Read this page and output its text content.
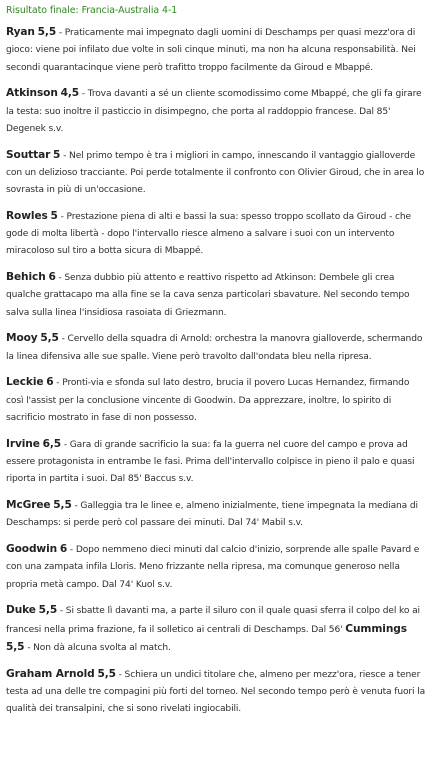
Risultato finale: Francia-Australia 4-1

Ryan 5,5 - Praticamente mai impegnato dagli uomini di Deschamps per quasi mezz'ora di gioco: viene poi infilato due volte in soli cinque minuti, ma non ha alcuna responsabilità. Nei secondi quarantacinque viene però trafitto troppo facilmente da Giroud e Mbappé.

Atkinson 4,5 - Trova davanti a sé un cliente scomodissimo come Mbappé, che gli fa girare la testa: suo inoltre il pasticcio in disimpegno, che porta al raddoppio francese. Dal 85' Degenek s.v.

Souttar 5 - Nel primo tempo è tra i migliori in campo, innescando il vantaggio gialloverde con un delizioso tracciante. Poi perde totalmente il confronto con Olivier Giroud, che in area lo sovrasta in più di un'occasione.

Rowles 5 - Prestazione piena di alti e bassi la sua: spesso troppo scollato da Giroud - che gode di molta libertà - dopo l'intervallo riesce almeno a salvare i suoi con un intervento miracoloso sul tiro a botta sicura di Mbappé.

Behich 6 - Senza dubbio più attento e reattivo rispetto ad Atkinson: Dembele gli crea qualche grattacapo ma alla fine se la cava senza particolari sbavature. Nel secondo tempo salva sulla linea l'insidiosa rasoiata di Griezmann.

Mooy 5,5 - Cervello della squadra di Arnold: orchestra la manovra gialloverde, schermando la linea difensiva alle sue spalle. Viene però travolto dall'ondata bleu nella ripresa.

Leckie 6 - Pronti-via e sfonda sul lato destro, brucia il povero Lucas Hernandez, firmando così l'assist per la conclusione vincente di Goodwin. Da apprezzare, inoltre, lo spirito di sacrificio mostrato in fase di non possesso.

Irvine 6,5 - Gara di grande sacrificio la sua: fa la guerra nel cuore del campo e prova ad essere protagonista in entrambe le fasi. Prima dell'intervallo colpisce in pieno il palo e quasi riporta in partita i suoi. Dal 85' Baccus s.v.

McGree 5,5 - Galleggia tra le linee e, almeno inizialmente, tiene impegnata la mediana di Deschamps: si perde però col passare dei minuti. Dal 74' Mabil s.v.

Goodwin 6 - Dopo nemmeno dieci minuti dal calcio d'inizio, sorprende alle spalle Pavard e con una zampata infila Lloris. Meno frizzante nella ripresa, ma comunque generoso nella propria metà campo. Dal 74' Kuol s.v.

Duke 5,5 - Si sbatte lì davanti ma, a parte il siluro con il quale quasi sferra il colpo del ko ai francesi nella prima frazione, fa il solletico ai centrali di Deschamps. Dal 56' Cummings 5,5 - Non dà alcuna svolta al match.

Graham Arnold 5,5 - Schiera un undici titolare che, almeno per mezz'ora, riesce a tener testa ad una delle tre compagini più forti del torneo. Nel secondo tempo però è venuta fuori la qualità dei transalpini, che si sono rivelati ingiocabili.
